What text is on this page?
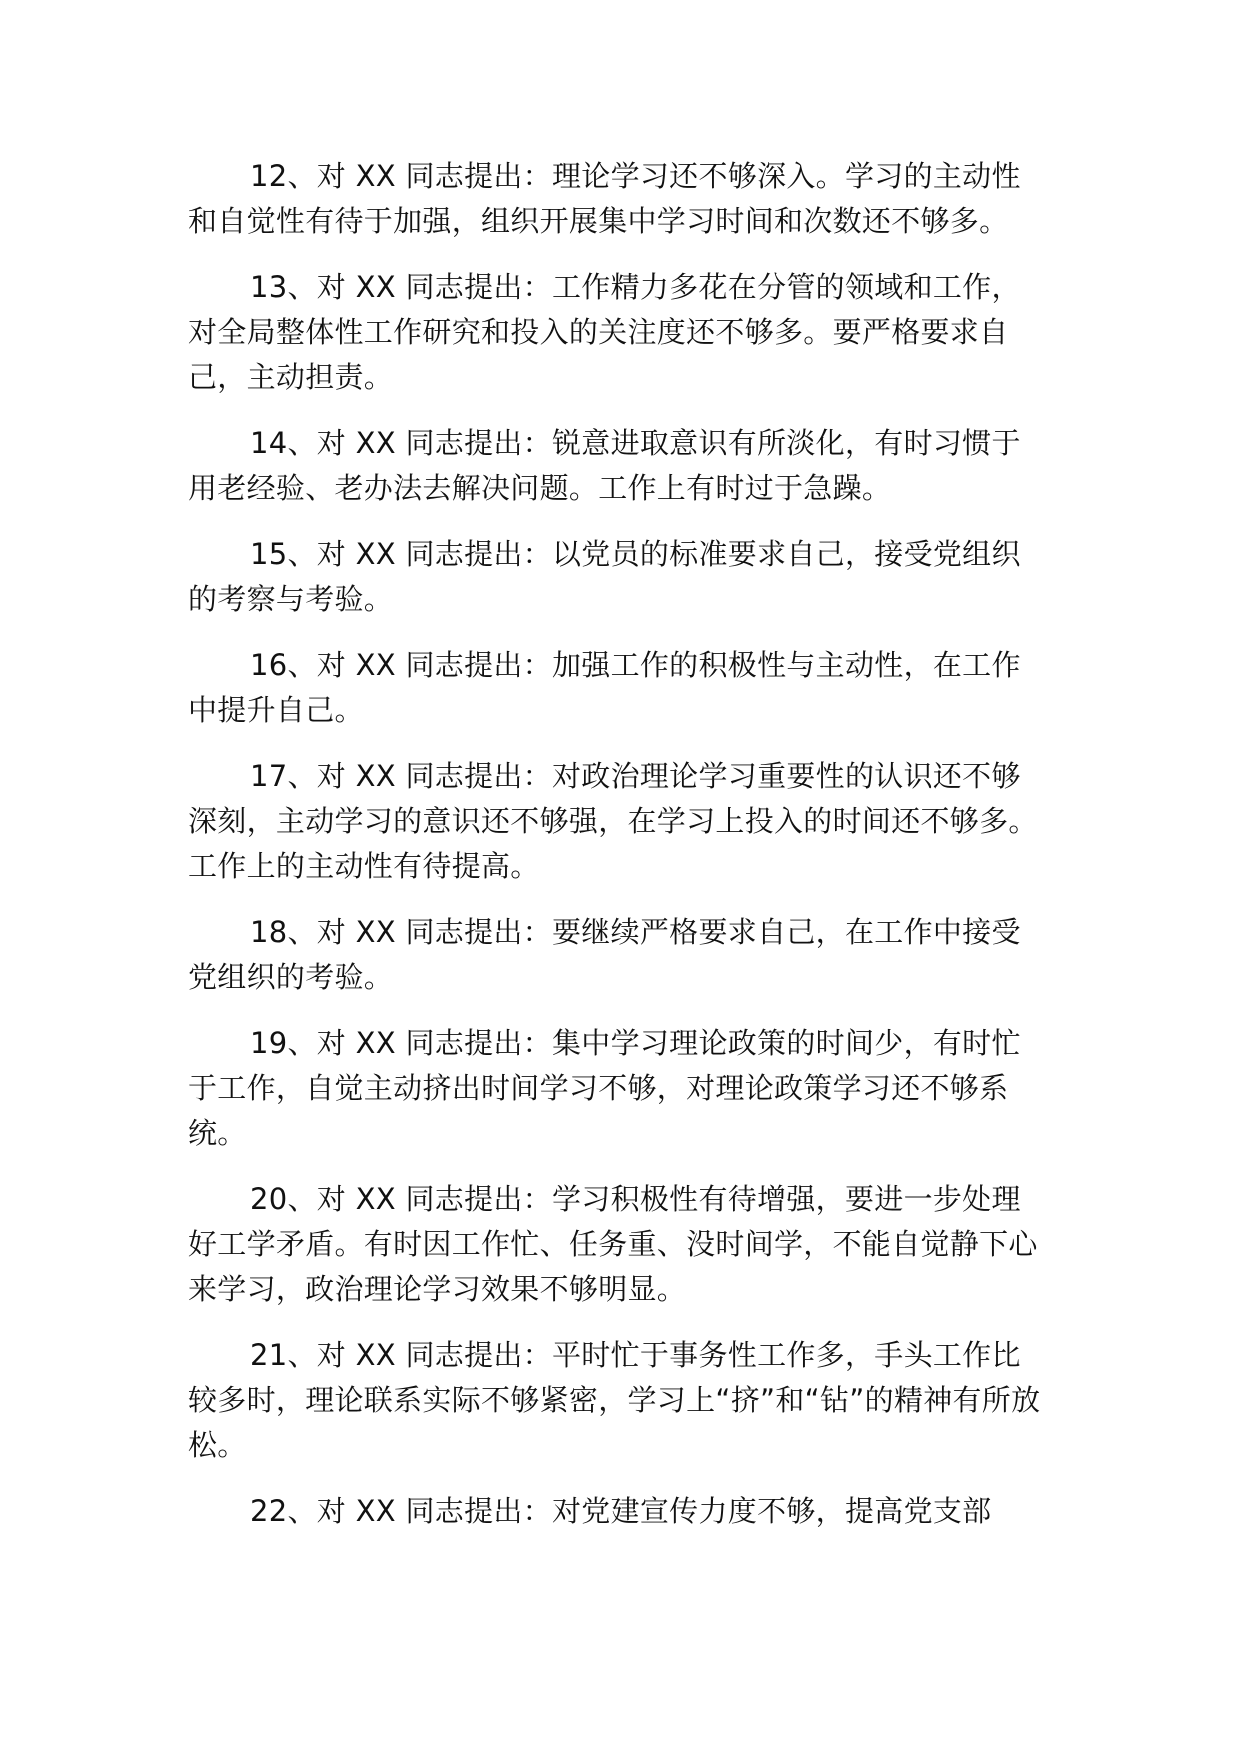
12、对 XX 同志提出：理论学习还不够深入。学习的主动性和自觉性有待于加强，组织开展集中学习时间和次数还不够多。

13、对 XX 同志提出：工作精力多花在分管的领域和工作，对全局整体性工作研究和投入的关注度还不够多。要严格要求自己，主动担责。

14、对 XX 同志提出：锐意进取意识有所淡化，有时习惯于用老经验、老办法去解决问题。工作上有时过于急躁。

15、对 XX 同志提出：以党员的标准要求自己，接受党组织的考察与考验。

16、对 XX 同志提出：加强工作的积极性与主动性，在工作中提升自己。

17、对 XX 同志提出：对政治理论学习重要性的认识还不够深刻，主动学习的意识还不够强，在学习上投入的时间还不够多。工作上的主动性有待提高。

18、对 XX 同志提出：要继续严格要求自己，在工作中接受党组织的考验。

19、对 XX 同志提出：集中学习理论政策的时间少，有时忙于工作，自觉主动挤出时间学习不够，对理论政策学习还不够系统。

20、对 XX 同志提出：学习积极性有待增强，要进一步处理好工学矛盾。有时因工作忙、任务重、没时间学，不能自觉静下心来学习，政治理论学习效果不够明显。

21、对 XX 同志提出：平时忙于事务性工作多，手头工作比较多时，理论联系实际不够紧密，学习上“挤”和“钻”的精神有所放松。

22、对 XX 同志提出：对党建宣传力度不够，提高党支部
